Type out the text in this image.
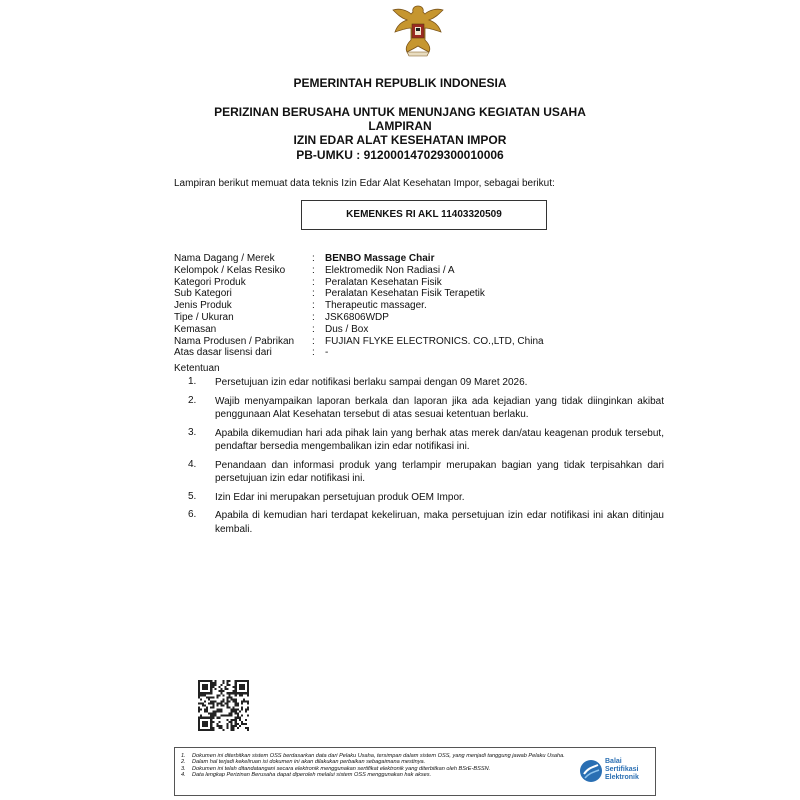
PEMERINTAH REPUBLIK INDONESIA
PERIZINAN BERUSAHA UNTUK MENUNJANG KEGIATAN USAHA
LAMPIRAN
IZIN EDAR ALAT KESEHATAN IMPOR
PB-UMKU : 912000147029300010006
Lampiran berikut memuat data teknis Izin Edar Alat Kesehatan Impor, sebagai berikut:
KEMENKES RI AKL 11403320509
Nama Dagang / Merek	:	BENBO Massage Chair
Kelompok / Kelas Resiko	:	Elektromedik Non Radiasi / A
Kategori Produk	:	Peralatan Kesehatan Fisik
Sub Kategori	:	Peralatan Kesehatan Fisik Terapetik
Jenis Produk	:	Therapeutic massager.
Tipe / Ukuran	:	JSK6806WDP
Kemasan	:	Dus / Box
Nama Produsen / Pabrikan	:	FUJIAN FLYKE ELECTRONICS. CO.,LTD, China
Atas dasar lisensi dari	:	-
Ketentuan
1.	Persetujuan izin edar notifikasi berlaku sampai dengan 09 Maret 2026.
2.	Wajib menyampaikan laporan berkala dan laporan jika ada kejadian yang tidak diinginkan akibat penggunaan Alat Kesehatan tersebut di atas sesuai ketentuan berlaku.
3.	Apabila dikemudian hari ada pihak lain yang berhak atas merek dan/atau keagenan produk tersebut, pendaftar bersedia mengembalikan izin edar notifikasi ini.
4.	Penandaan dan informasi produk yang terlampir merupakan bagian yang tidak terpisahkan dari persetujuan izin edar notifikasi ini.
5.	Izin Edar ini merupakan persetujuan produk OEM Impor.
6.	Apabila di kemudian hari terdapat kekeliruan, maka persetujuan izin edar notifikasi ini akan ditinjau kembali.
1.	Dokumen ini diterbitkan sistem OSS berdasarkan data dari Pelaku Usaha, tersimpan dalam sistem OSS, yang menjadi tanggung jawab Pelaku Usaha.
2.	Dalam hal terjadi kekeliruan isi dokumen ini akan dilakukan perbaikan sebagaimana mestinya.
3.	Dokumen ini telah ditandatangani secara elektronik menggunakan sertifikat elektronik yang diterbitkan oleh BSrE-BSSN.
4.	Data lengkap Perizinan Berusaha dapat diperoleh melalui sistem OSS menggunakan hak akses.
Balai
Sertifikasi
Elektronik
